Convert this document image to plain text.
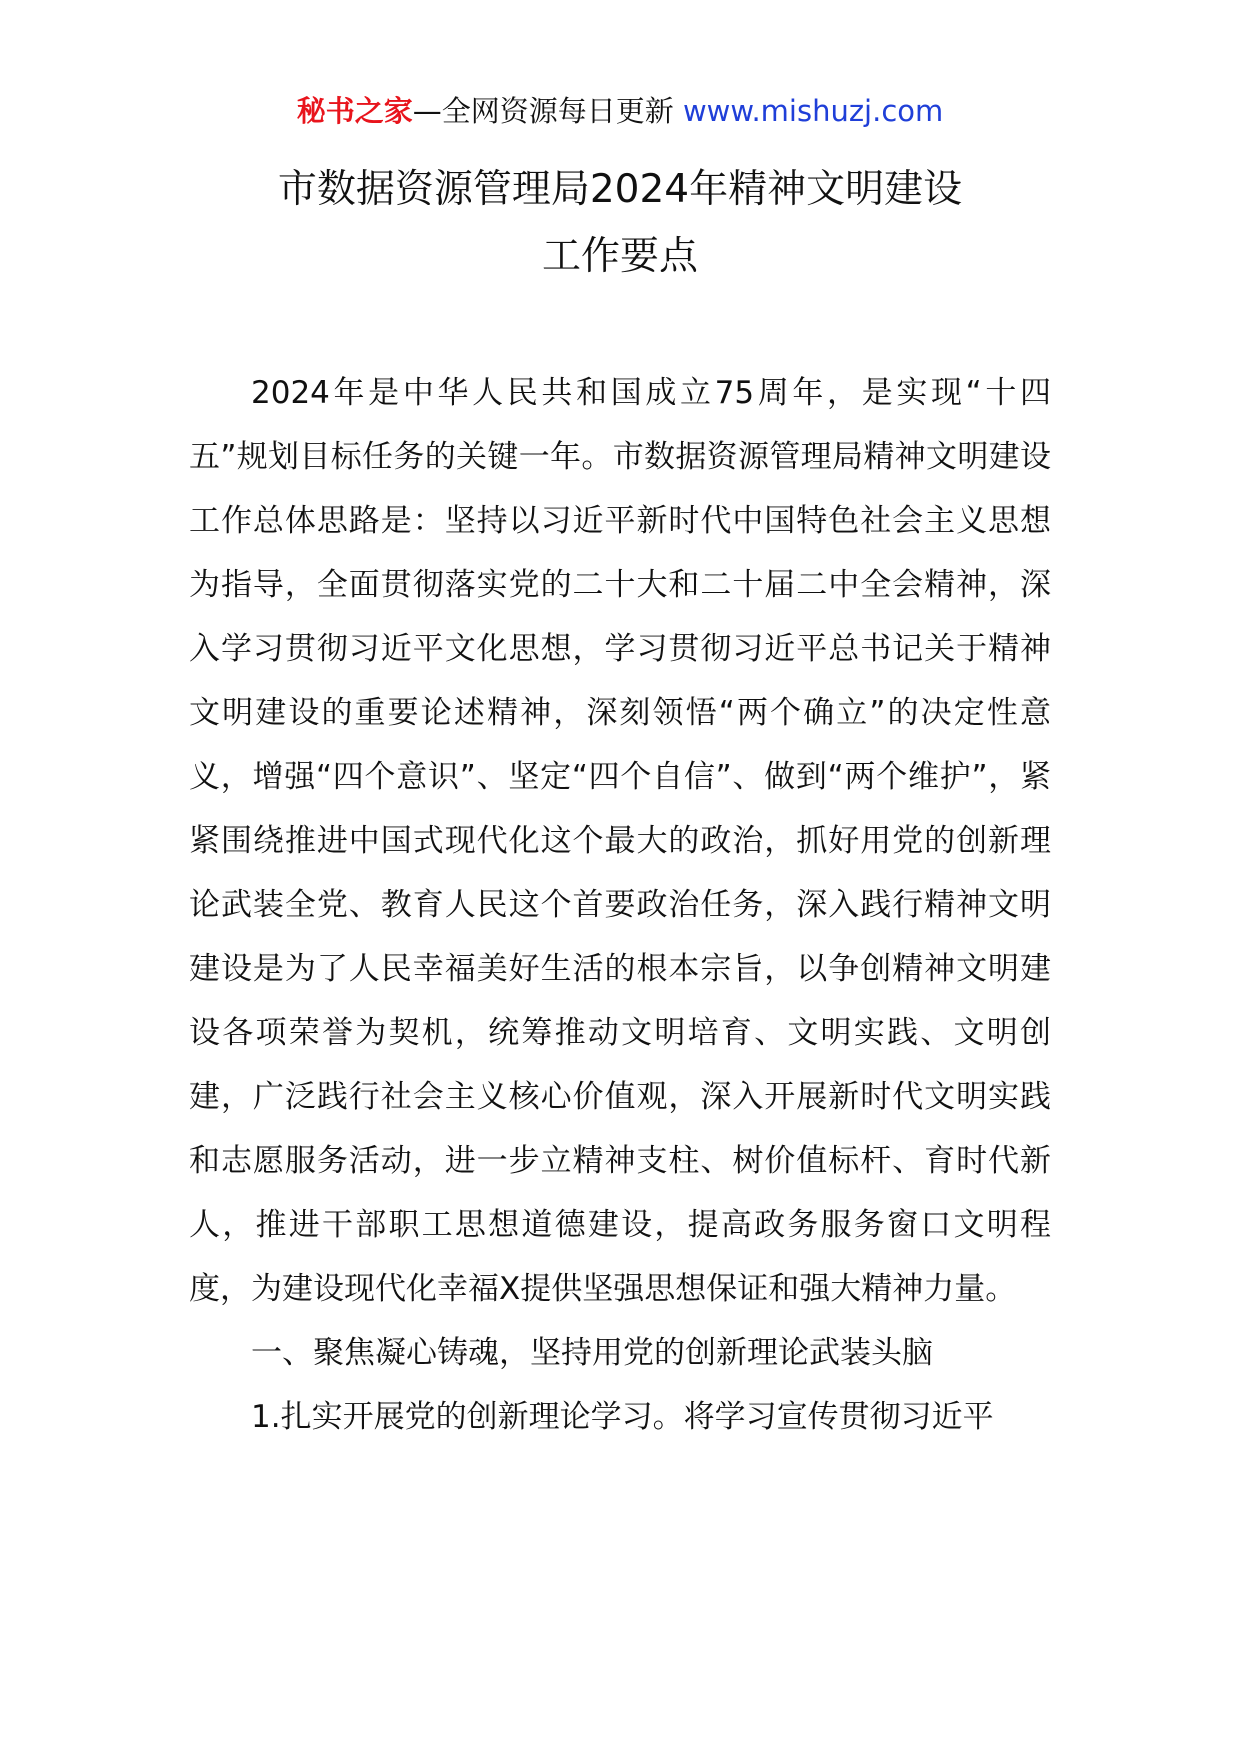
秘书之家—全网资源每日更新 www.mishuzj.com
市数据资源管理局2024年精神文明建设
工作要点

2024年是中华人民共和国成立75周年，是实现“十四五”规划目标任务的关键一年。市数据资源管理局精神文明建设工作总体思路是：坚持以习近平新时代中国特色社会主义思想为指导，全面贯彻落实党的二十大和二十届二中全会精神，深入学习贯彻习近平文化思想，学习贯彻习近平总书记关于精神文明建设的重要论述精神，深刻领悟“两个确立”的决定性意义，增强“四个意识”、坚定“四个自信”、做到“两个维护”，紧紧围绕推进中国式现代化这个最大的政治，抓好用党的创新理论武装全党、教育人民这个首要政治任务，深入践行精神文明建设是为了人民幸福美好生活的根本宗旨，以争创精神文明建设各项荣誉为契机，统筹推动文明培育、文明实践、文明创建，广泛践行社会主义核心价值观，深入开展新时代文明实践和志愿服务活动，进一步立精神支柱、树价值标杆、育时代新人，推进干部职工思想道德建设，提高政务服务窗口文明程度，为建设现代化幸福X提供坚强思想保证和强大精神力量。

一、聚焦凝心铸魂，坚持用党的创新理论武装头脑

1.扎实开展党的创新理论学习。将学习宣传贯彻习近平
